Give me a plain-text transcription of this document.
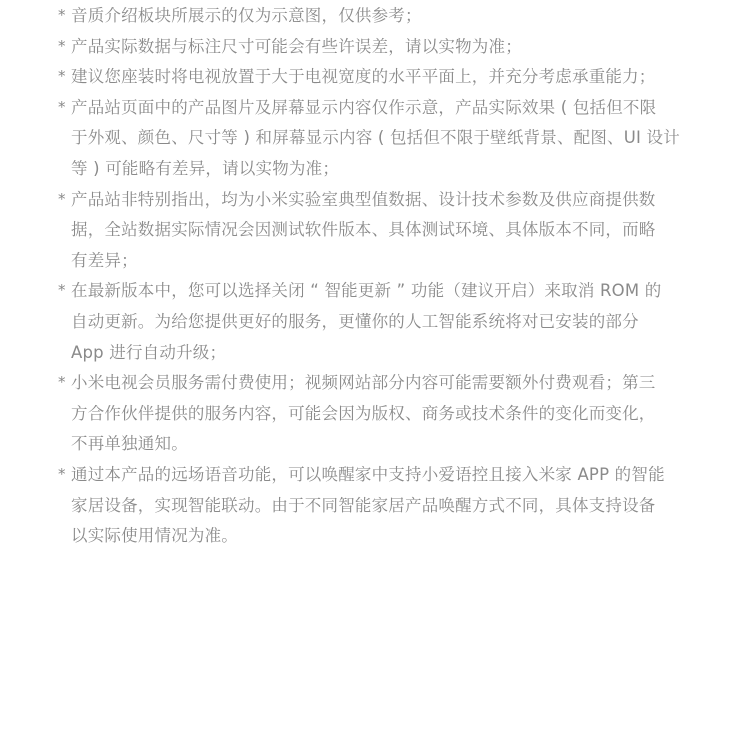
* 音质介绍板块所展示的仅为示意图，仅供参考；
* 产品实际数据与标注尺寸可能会有些许误差，请以实物为准；
* 建议您座装时将电视放置于大于电视宽度的水平平面上，并充分考虑承重能力；
* 产品站页面中的产品图片及屏幕显示内容仅作示意，产品实际效果 ( 包括但不限
于外观、颜色、尺寸等 ) 和屏幕显示内容 ( 包括但不限于壁纸背景、配图、UI 设计
等 ) 可能略有差异，请以实物为准；
* 产品站非特别指出，均为小米实验室典型值数据、设计技术参数及供应商提供数
据，全站数据实际情况会因测试软件版本、具体测试环境、具体版本不同，而略
有差异；
* 在最新版本中，您可以选择关闭 “ 智能更新 ” 功能（建议开启）来取消 ROM 的
自动更新。为给您提供更好的服务，更懂你的人工智能系统将对已安装的部分
App 进行自动升级；
* 小米电视会员服务需付费使用；视频网站部分内容可能需要额外付费观看；第三
方合作伙伴提供的服务内容，可能会因为版权、商务或技术条件的变化而变化，
不再单独通知。
* 通过本产品的远场语音功能，可以唤醒家中支持小爱语控且接入米家 APP 的智能
家居设备，实现智能联动。由于不同智能家居产品唤醒方式不同，具体支持设备
以实际使用情况为准。
